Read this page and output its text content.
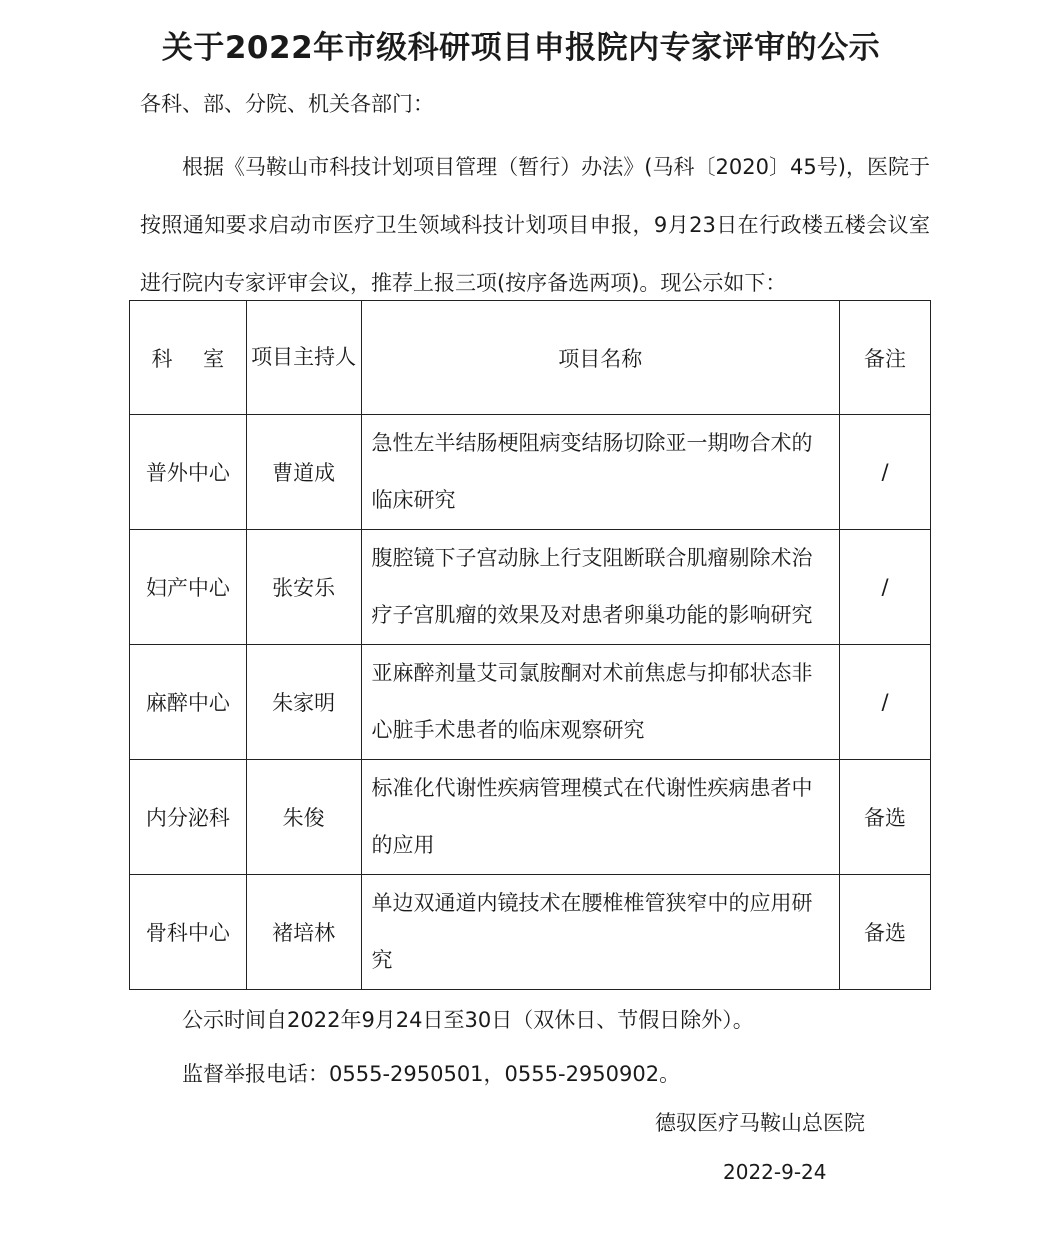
关于2022年市级科研项目申报院内专家评审的公示
各科、部、分院、机关各部门：

根据《马鞍山市科技计划项目管理（暂行）办法》(马科〔2020〕45号)，医院于按照通知要求启动市医疗卫生领域科技计划项目申报，9月23日在行政楼五楼会议室进行院内专家评审会议，推荐上报三项(按序备选两项)。现公示如下：

科 室	项目主持人	项目名称	备注
普外中心	曹道成	急性左半结肠梗阻病变结肠切除亚一期吻合术的临床研究	/
妇产中心	张安乐	腹腔镜下子宫动脉上行支阻断联合肌瘤剔除术治疗子宫肌瘤的效果及对患者卵巢功能的影响研究	/
麻醉中心	朱家明	亚麻醉剂量艾司氯胺酮对术前焦虑与抑郁状态非心脏手术患者的临床观察研究	/
内分泌科	朱俊	标准化代谢性疾病管理模式在代谢性疾病患者中的应用	备选
骨科中心	褚培林	单边双通道内镜技术在腰椎椎管狭窄中的应用研究	备选
公示时间自2022年9月24日至30日（双休日、节假日除外）。
监督举报电话：0555-2950501，0555-2950902。
德驭医疗马鞍山总医院
2022-9-24
